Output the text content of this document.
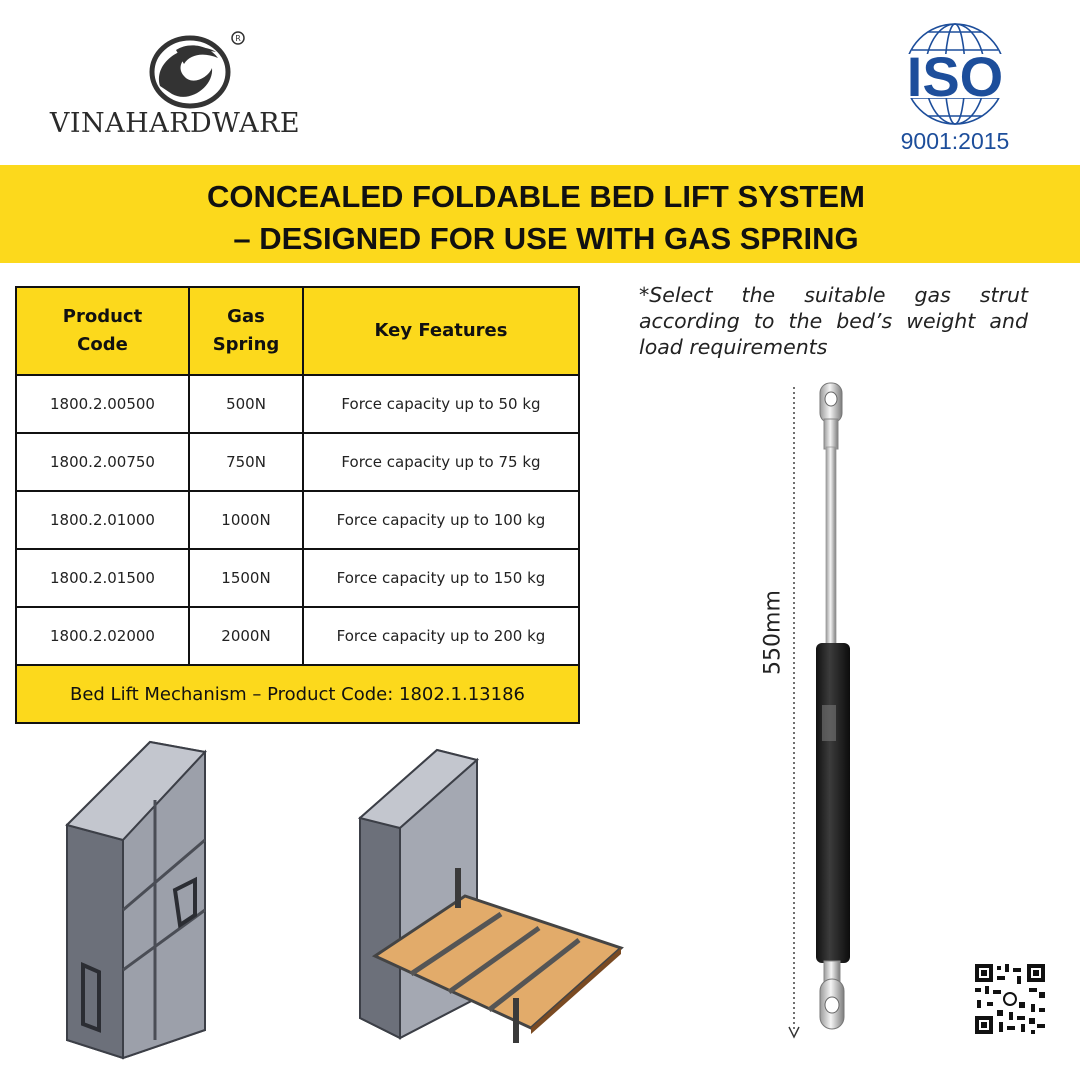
R
VINAHARDWARE
ISO
9001:2015
CONCEALED FOLDABLE BED LIFT SYSTEM
– DESIGNED FOR USE WITH GAS SPRING
Product Code	Gas Spring	Key Features
1800.2.00500	500N	Force capacity up to 50 kg
1800.2.00750	750N	Force capacity up to 75 kg
1800.2.01000	1000N	Force capacity up to 100 kg
1800.2.01500	1500N	Force capacity up to 150 kg
1800.2.02000	2000N	Force capacity up to 200 kg
Bed Lift Mechanism – Product Code: 1802.1.13186		
*Select the suitable gas strut according to the bed’s weight and load requirements
550mm
